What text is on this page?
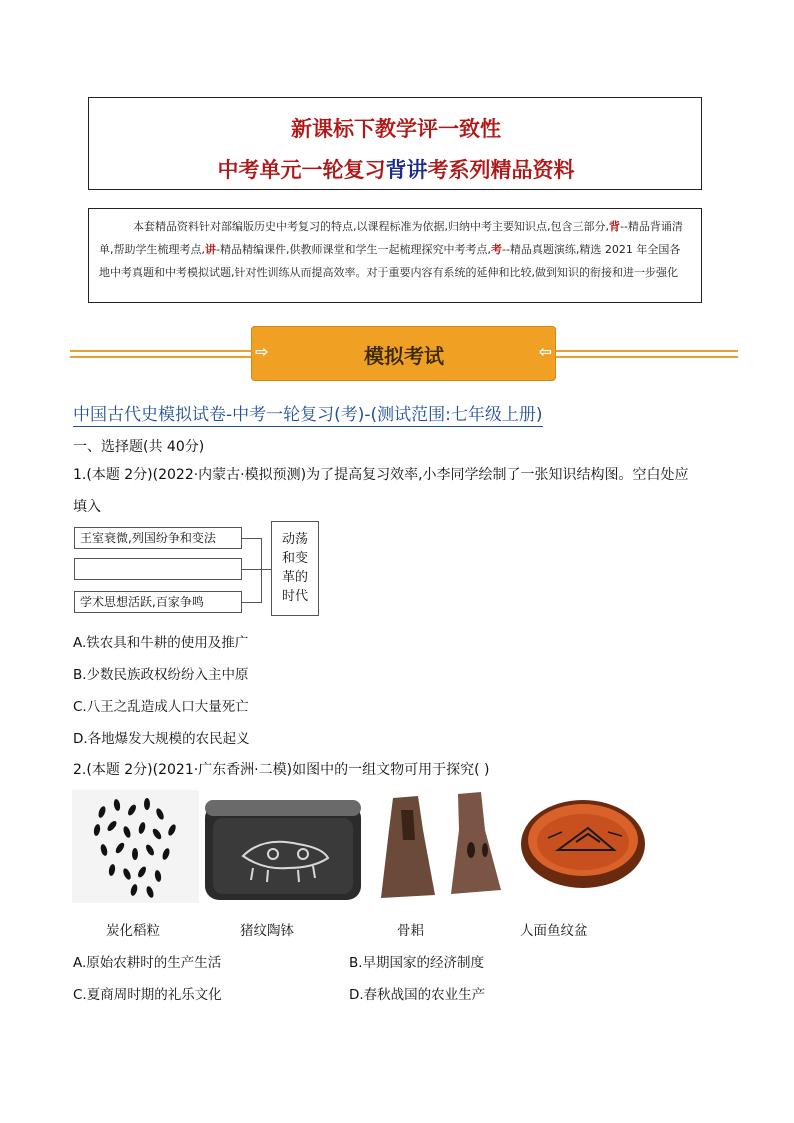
新课标下教学评一致性
中考单元一轮复习背讲考系列精品资料
本套精品资料针对部编版历史中考复习的特点,以课程标准为依据,归纳中考主要知识点,包含三部分,背--精品背诵清单,帮助学生梳理考点,讲-精品精编课件,供教师课堂和学生一起梳理探究中考考点,考--精品真题演练,精选 2021 年全国各地中考真题和中考模拟试题,针对性训练从而提高效率。对于重要内容有系统的延伸和比较,做到知识的衔接和进一步强化
⇨	模拟考试	⇦
中国古代史模拟试卷-中考一轮复习(考)-(测试范围:七年级上册)
一、选择题(共 40分)
1.(本题 2分)(2022·内蒙古·模拟预测)为了提高复习效率,小李同学绘制了一张知识结构图。空白处应
填入
王室衰微,列国纷争和变法
学术思想活跃,百家争鸣
动荡
和变
革的
时代
A.铁农具和牛耕的使用及推广
B.少数民族政权纷纷入主中原
C.八王之乱造成人口大量死亡
D.各地爆发大规模的农民起义
2.(本题 2分)(2021·广东香洲·二模)如图中的一组文物可用于探究( )
炭化稻粒	猪纹陶钵	骨耜	人面鱼纹盆
A.原始农耕时的生产生活	B.早期国家的经济制度
C.夏商周时期的礼乐文化	D.春秋战国的农业生产
